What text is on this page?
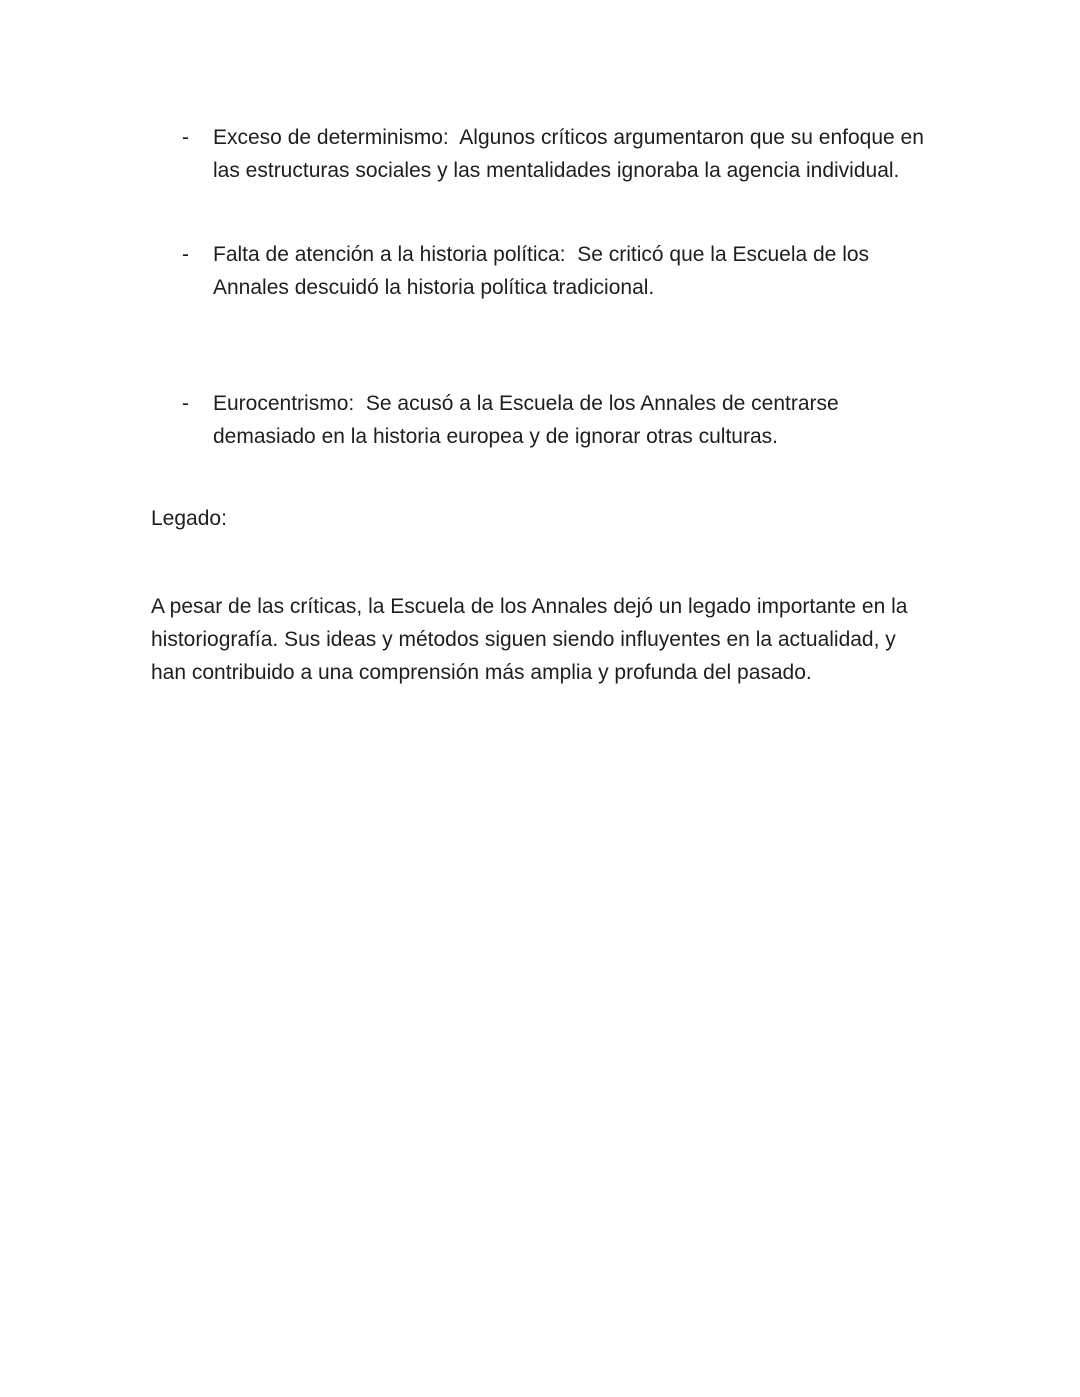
-	Exceso de determinismo:  Algunos críticos argumentaron que su enfoque en las estructuras sociales y las mentalidades ignoraba la agencia individual.
-	Falta de atención a la historia política:  Se criticó que la Escuela de los Annales descuidó la historia política tradicional.
-	Eurocentrismo:  Se acusó a la Escuela de los Annales de centrarse demasiado en la historia europea y de ignorar otras culturas.

Legado:

A pesar de las críticas, la Escuela de los Annales dejó un legado importante en la historiografía. Sus ideas y métodos siguen siendo influyentes en la actualidad, y han contribuido a una comprensión más amplia y profunda del pasado.
